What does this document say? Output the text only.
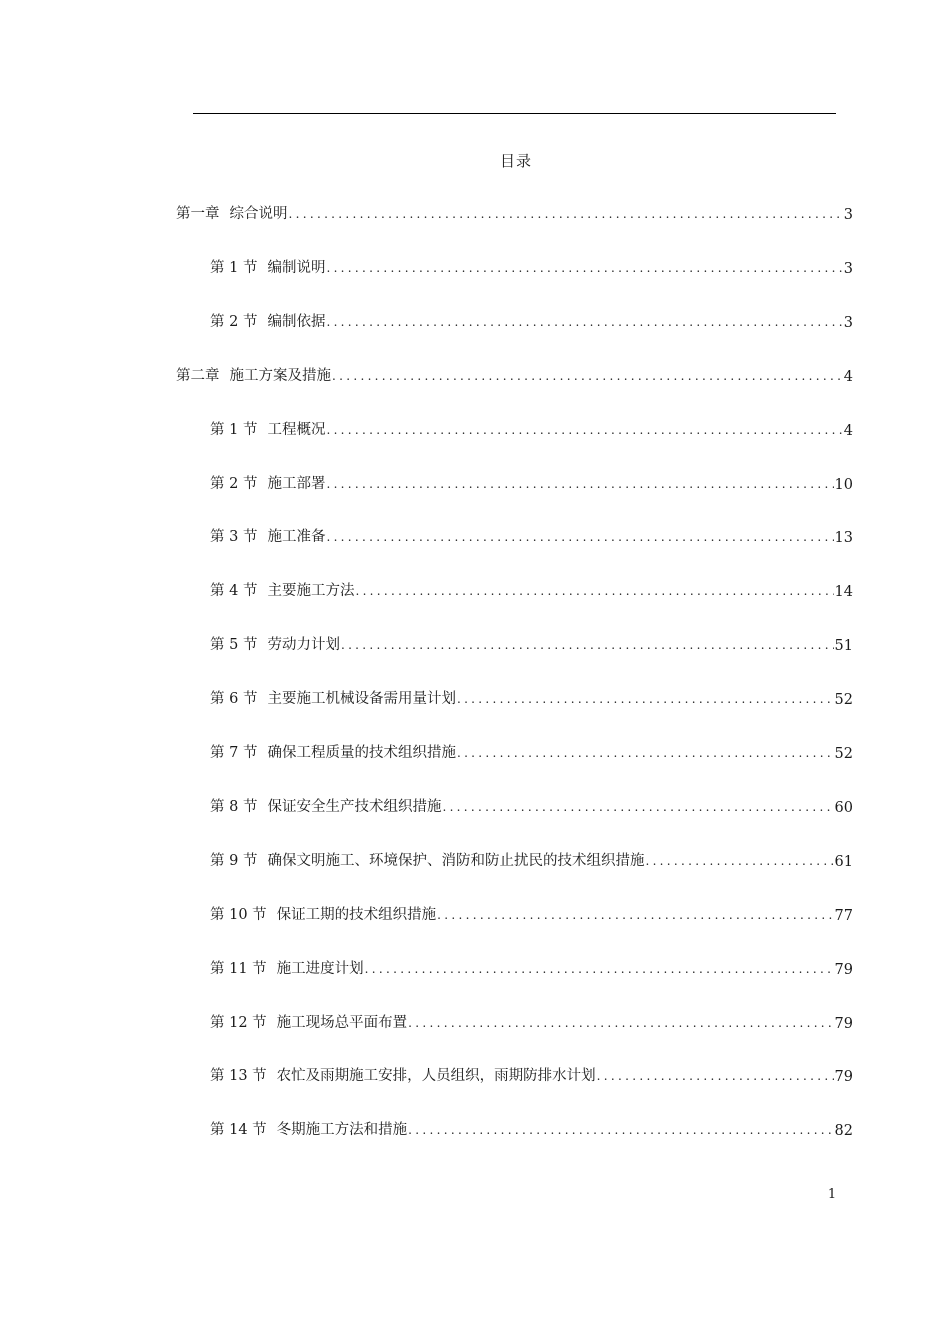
目录
第一章 综合说明 .....	3
第 1 节 编制说明 .....	3
第 2 节 编制依据 .....	3
第二章 施工方案及措施 .....	4
第 1 节 工程概况 .....	4
第 2 节 施工部署 .....	10
第 3 节 施工准备 .....	13
第 4 节 主要施工方法 .....	14
第 5 节 劳动力计划 .....	51
第 6 节 主要施工机械设备需用量计划 .....	52
第 7 节 确保工程质量的技术组织措施 .....	52
第 8 节 保证安全生产技术组织措施 .....	60
第 9 节 确保文明施工、环境保护、消防和防止扰民的技术组织措施 .....	61
第 10 节 保证工期的技术组织措施 .....	77
第 11 节 施工进度计划 .....	79
第 12 节 施工现场总平面布置 .....	79
第 13 节 农忙及雨期施工安排，人员组织，雨期防排水计划 .....	79
第 14 节 冬期施工方法和措施 .....	82
1
